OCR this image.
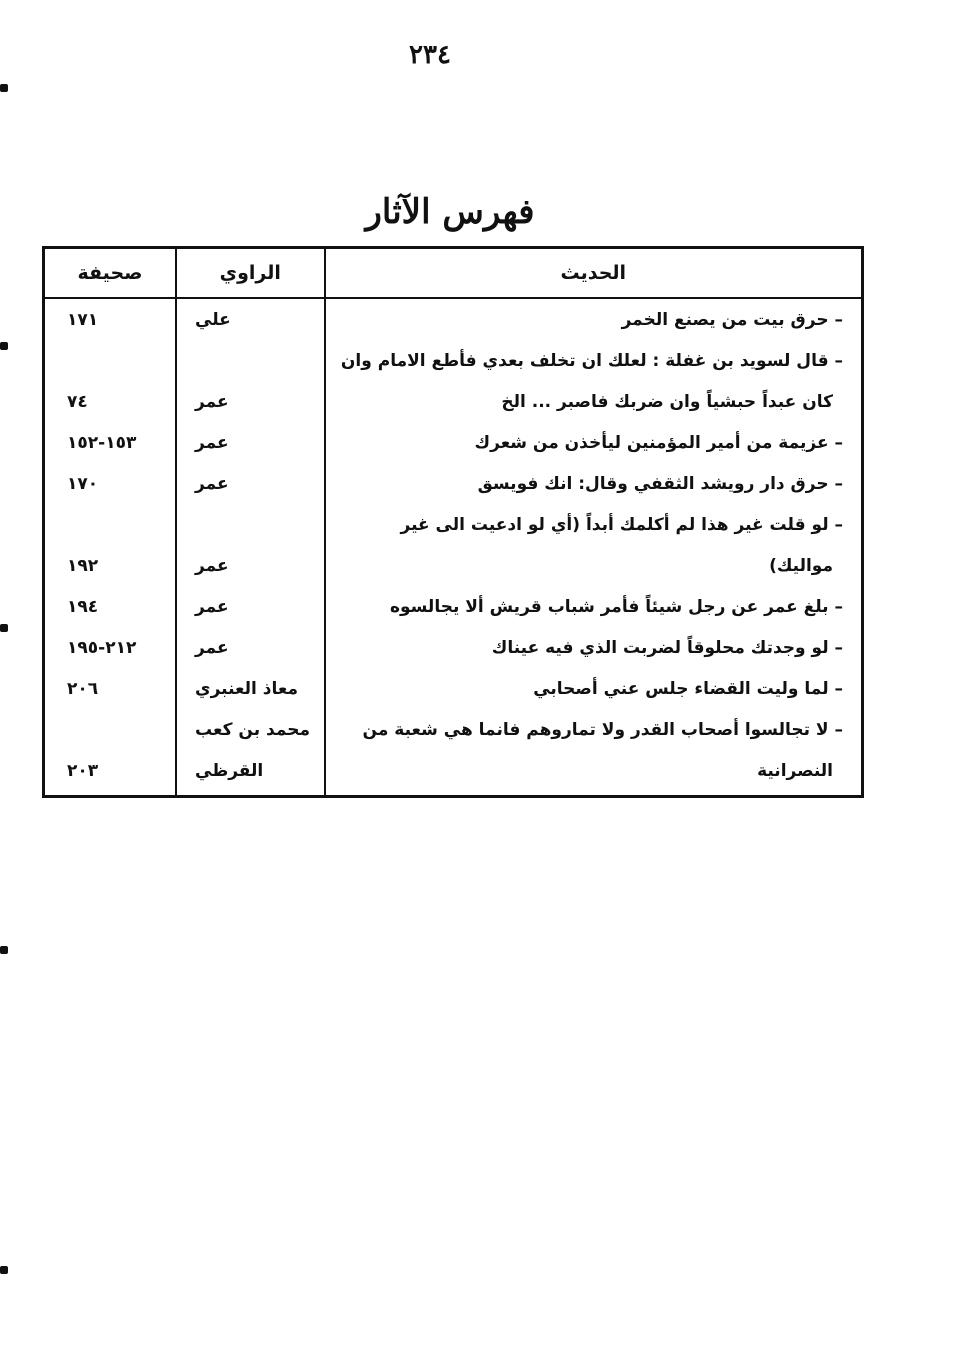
٢٣٤
فهرس الآثار
الحديث	الراوي	صحيفة
– حرق بيت من يصنع الخمر	علي	١٧١
– قال لسويد بن غفلة : لعلك ان تخلف بعدي فأطع الامام وان		
كان عبداً حبشياً وان ضربك فاصبر ... الخ	عمر	٧٤
– عزيمة من أمير المؤمنين ليأخذن من شعرك	عمر	١٥٣-١٥٢
– حرق دار رويشد الثقفي وقال: انك فويسق	عمر	١٧٠
– لو قلت غير هذا لم أكلمك أبداً (أي لو ادعيت الى غير		
مواليك)	عمر	١٩٢
– بلغ عمر عن رجل شيئاً فأمر شباب قريش ألا يجالسوه	عمر	١٩٤
– لو وجدتك محلوقاً لضربت الذي فيه عيناك	عمر	٢١٢-١٩٥
– لما وليت القضاء جلس عني أصحابي	معاذ العنبري	٢٠٦
– لا تجالسوا أصحاب القدر ولا تماروهم فانما هي شعبة من	محمد بن كعب	
النصرانية	القرظي	٢٠٣
